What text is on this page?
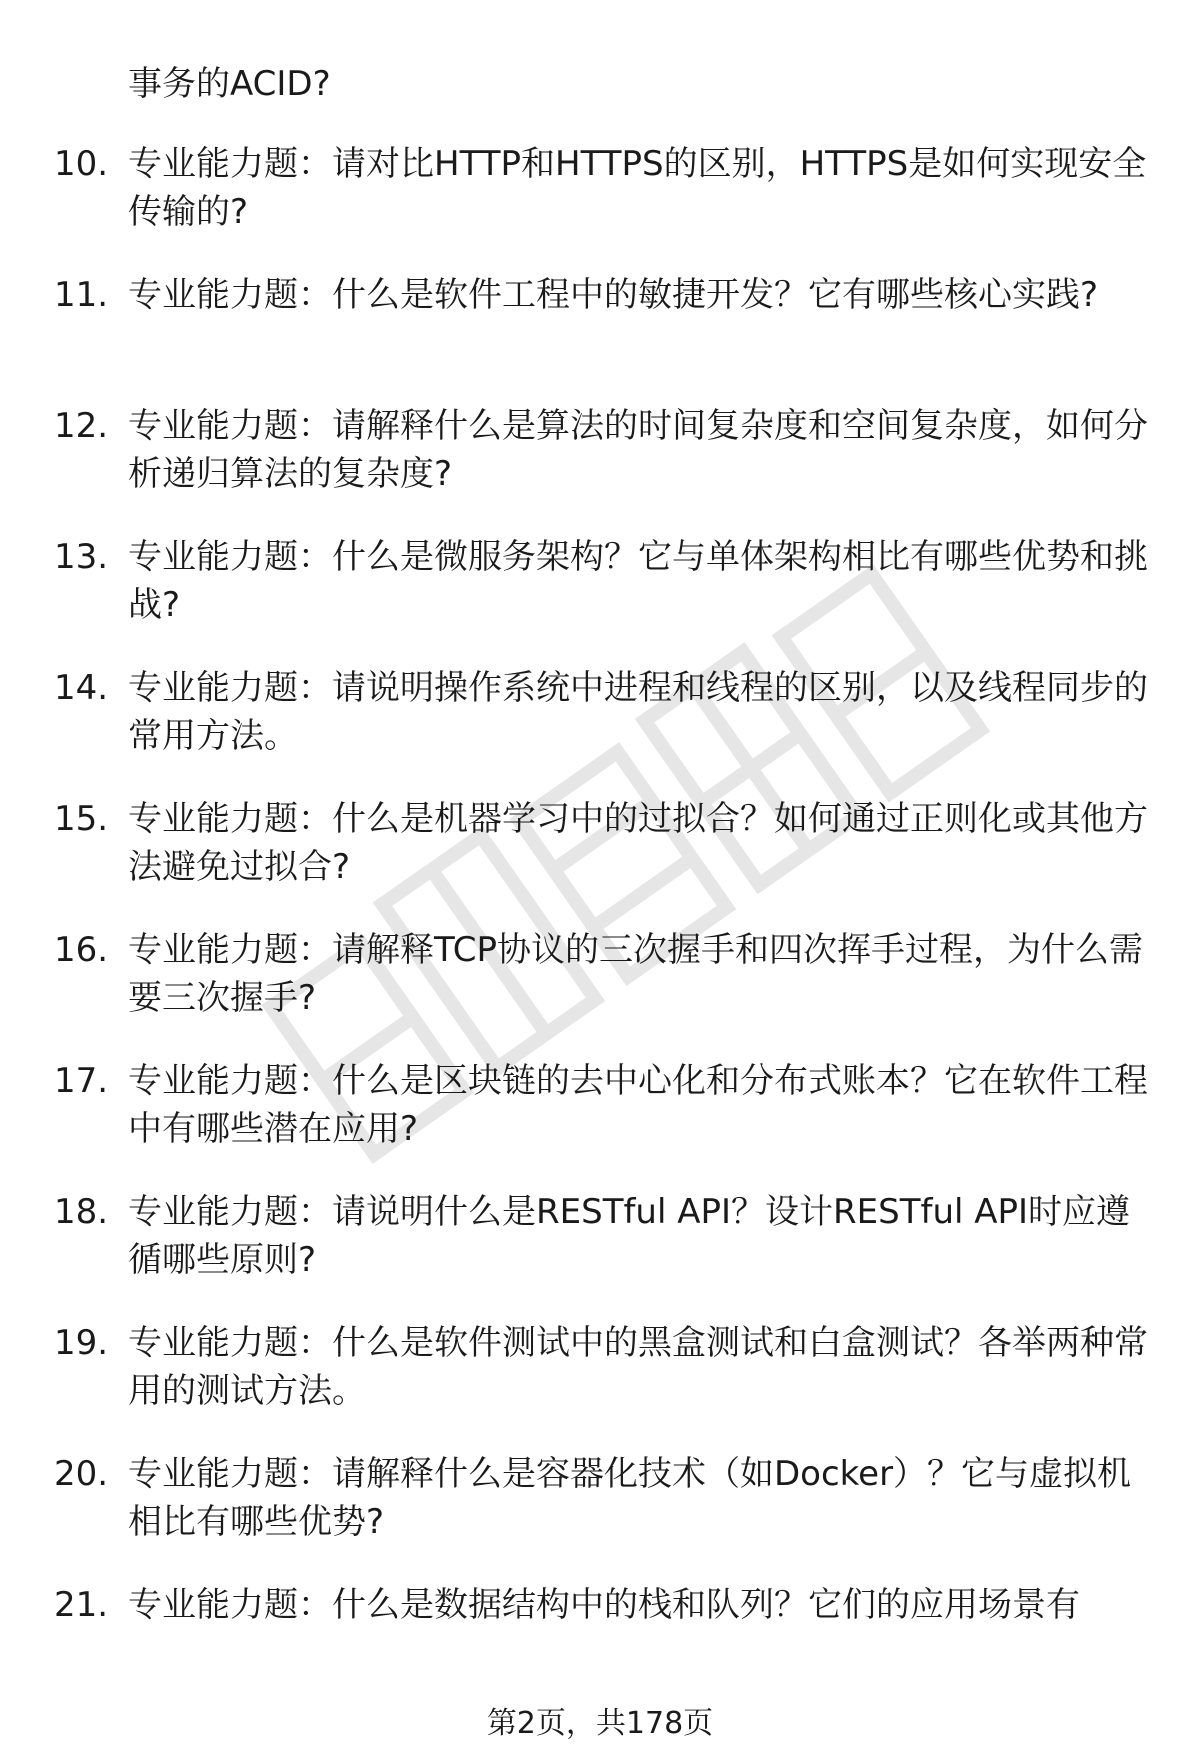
事务的ACID?

10. 专业能力题：请对比HTTP和HTTPS的区别，HTTPS是如何实现安全传输的?

11. 专业能力题：什么是软件工程中的敏捷开发？它有哪些核心实践?

12. 专业能力题：请解释什么是算法的时间复杂度和空间复杂度，如何分析递归算法的复杂度?

13. 专业能力题：什么是微服务架构？它与单体架构相比有哪些优势和挑战?

14. 专业能力题：请说明操作系统中进程和线程的区别，以及线程同步的常用方法。

15. 专业能力题：什么是机器学习中的过拟合？如何通过正则化或其他方法避免过拟合?

16. 专业能力题：请解释TCP协议的三次握手和四次挥手过程，为什么需要三次握手?

17. 专业能力题：什么是区块链的去中心化和分布式账本？它在软件工程中有哪些潜在应用?

18. 专业能力题：请说明什么是RESTful API？设计RESTful API时应遵循哪些原则?

19. 专业能力题：什么是软件测试中的黑盒测试和白盒测试？各举两种常用的测试方法。

20. 专业能力题：请解释什么是容器化技术（如Docker）？它与虚拟机相比有哪些优势?

21. 专业能力题：什么是数据结构中的栈和队列？它们的应用场景有

第2页，共178页
